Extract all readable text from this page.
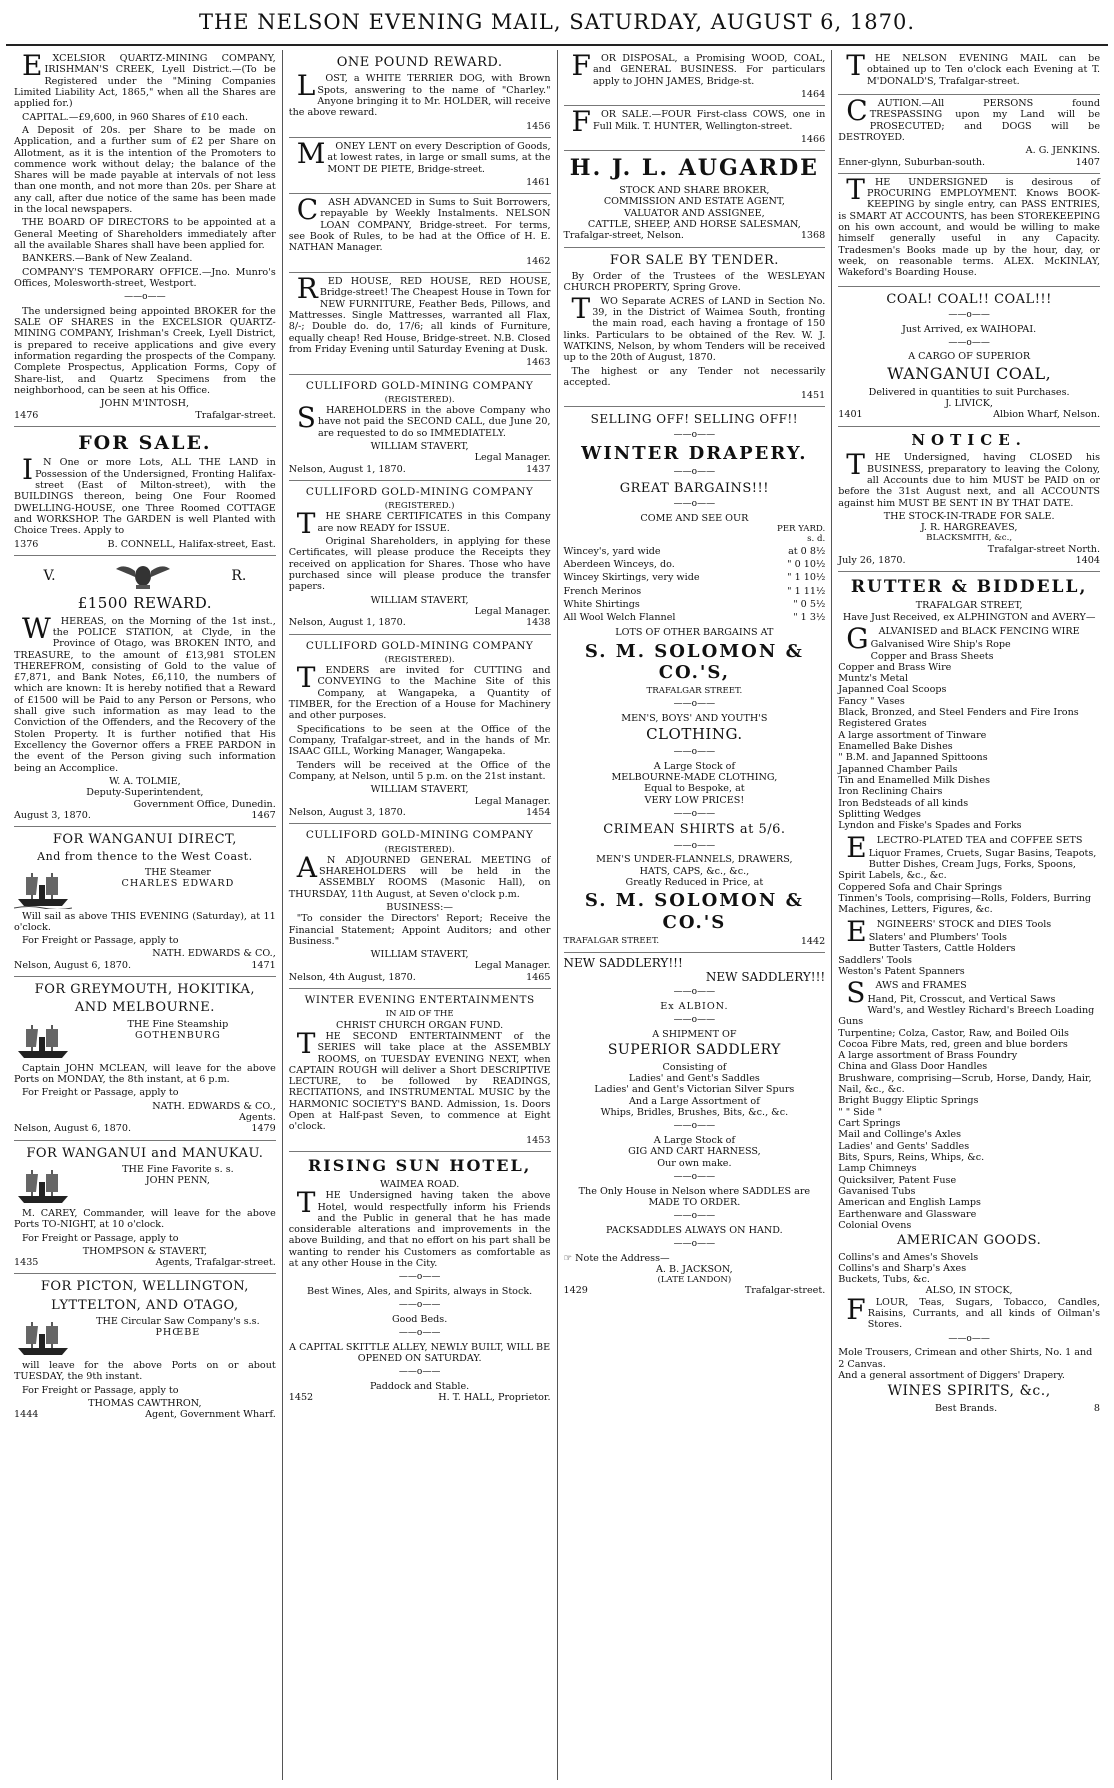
THE NELSON EVENING MAIL, SATURDAY, AUGUST 6, 1870.

EXCELSIOR QUARTZ-MINING COMPANY, IRISHMAN'S CREEK, Lyell District.—(To be Registered under the "Mining Companies Limited Liability Act, 1865," when all the Shares are applied for.)

CAPITAL.—£9,600, in 960 Shares of £10 each.

A Deposit of 20s. per Share to be made on Application, and a further sum of £2 per Share on Allotment, as it is the intention of the Promoters to commence work without delay; the balance of the Shares will be made payable at intervals of not less than one month, and not more than 20s. per Share at any call, after due notice of the same has been made in the local newspapers.

THE BOARD OF DIRECTORS to be appointed at a General Meeting of Shareholders immediately after all the available Shares shall have been applied for.

BANKERS.—Bank of New Zealand.

COMPANY'S TEMPORARY OFFICE.—Jno. Munro's Offices, Molesworth-street, Westport.

——o——

The undersigned being appointed BROKER for the SALE OF SHARES in the EXCELSIOR QUARTZ-MINING COMPANY, Irishman's Creek, Lyell District, is prepared to receive applications and give every information regarding the prospects of the Company. Complete Prospectus, Application Forms, Copy of Share-list, and Quartz Specimens from the neighborhood, can be seen at his Office.

JOHN M'INTOSH,
1476	Trafalgar-street.
FOR SALE.

IN One or more Lots, ALL THE LAND in Possession of the Undersigned, Fronting Halifax-street (East of Milton-street), with the BUILDINGS thereon, being One Four Roomed DWELLING-HOUSE, one Three Roomed COTTAGE and WORKSHOP. The GARDEN is well Planted with Choice Trees. Apply to

1376	B. CONNELL, Halifax-street, East.
V.	R.
£1500 REWARD.

WHEREAS, on the Morning of the 1st inst., the POLICE STATION, at Clyde, in the Province of Otago, was BROKEN INTO, and TREASURE, to the amount of £13,981 STOLEN THEREFROM, consisting of Gold to the value of £7,871, and Bank Notes, £6,110, the numbers of which are known: It is hereby notified that a Reward of £1500 will be Paid to any Person or Persons, who shall give such information as may lead to the Conviction of the Offenders, and the Recovery of the Stolen Property. It is further notified that His Excellency the Governor offers a FREE PARDON in the event of the Person giving such information being an Accomplice.

W. A. TOLMIE,
Deputy-Superintendent,
Government Office, Dunedin.
August 3, 1870.	1467
FOR WANGANUI DIRECT,
And from thence to the West Coast.
THE Steamer
CHARLES EDWARD

Will sail as above THIS EVENING (Saturday), at 11 o'clock.

For Freight or Passage, apply to

NATH. EDWARDS & CO.,
Nelson, August 6, 1870.	1471
FOR GREYMOUTH, HOKITIKA,
AND MELBOURNE.
THE Fine Steamship
GOTHENBURG

Captain JOHN MCLEAN, will leave for the above Ports on MONDAY, the 8th instant, at 6 p.m.

For Freight or Passage, apply to

NATH. EDWARDS & CO.,
Agents.
Nelson, August 6, 1870.	1479
FOR WANGANUI and MANUKAU.
THE Fine Favorite s. s.
JOHN PENN,

M. CAREY, Commander, will leave for the above Ports TO-NIGHT, at 10 o'clock.

For Freight or Passage, apply to

THOMPSON & STAVERT,
1435	Agents, Trafalgar-street.
FOR PICTON, WELLINGTON,
LYTTELTON, AND OTAGO,
THE Circular Saw Company's s.s.
PHŒBE

will leave for the above Ports on or about TUESDAY, the 9th instant.

For Freight or Passage, apply to

THOMAS CAWTHRON,
1444	Agent, Government Wharf.
ONE POUND REWARD.

LOST, a WHITE TERRIER DOG, with Brown Spots, answering to the name of "Charley." Anyone bringing it to Mr. HOLDER, will receive the above reward.

1456

MONEY LENT on every Description of Goods, at lowest rates, in large or small sums, at the MONT DE PIETE, Bridge-street.

1461

CASH ADVANCED in Sums to Suit Borrowers, repayable by Weekly Instalments. NELSON LOAN COMPANY, Bridge-street. For terms, see Book of Rules, to be had at the Office of H. E. NATHAN Manager.

1462

RED HOUSE, RED HOUSE, RED HOUSE, Bridge-street! The Cheapest House in Town for NEW FURNITURE, Feather Beds, Pillows, and Mattresses. Single Mattresses, warranted all Flax, 8/-; Double do. do, 17/6; all kinds of Furniture, equally cheap! Red House, Bridge-street. N.B. Closed from Friday Evening until Saturday Evening at Dusk.

1463
CULLIFORD GOLD-MINING COMPANY
(REGISTERED).

SHAREHOLDERS in the above Company who have not paid the SECOND CALL, due June 20, are requested to do so IMMEDIATELY.

WILLIAM STAVERT,
Legal Manager.
Nelson, August 1, 1870.	1437
CULLIFORD GOLD-MINING COMPANY
(REGISTERED.)

THE SHARE CERTIFICATES in this Company are now READY for ISSUE.

Original Shareholders, in applying for these Certificates, will please produce the Receipts they received on application for Shares. Those who have purchased since will please produce the transfer papers.

WILLIAM STAVERT,
Legal Manager.
Nelson, August 1, 1870.	1438
CULLIFORD GOLD-MINING COMPANY
(REGISTERED).

TENDERS are invited for CUTTING and CONVEYING to the Machine Site of this Company, at Wangapeka, a Quantity of TIMBER, for the Erection of a House for Machinery and other purposes.

Specifications to be seen at the Office of the Company, Trafalgar-street, and in the hands of Mr. ISAAC GILL, Working Manager, Wangapeka.

Tenders will be received at the Office of the Company, at Nelson, until 5 p.m. on the 21st instant.

WILLIAM STAVERT,
Legal Manager.
Nelson, August 3, 1870.	1454
CULLIFORD GOLD-MINING COMPANY
(REGISTERED).

AN ADJOURNED GENERAL MEETING of SHAREHOLDERS will be held in the ASSEMBLY ROOMS (Masonic Hall), on THURSDAY, 11th August, at Seven o'clock p.m.

BUSINESS:—

"To consider the Directors' Report; Receive the Financial Statement; Appoint Auditors; and other Business."

WILLIAM STAVERT,
Legal Manager.
Nelson, 4th August, 1870.	1465
WINTER EVENING ENTERTAINMENTS
IN AID OF THE
CHRIST CHURCH ORGAN FUND.

THE SECOND ENTERTAINMENT of the SERIES will take place at the ASSEMBLY ROOMS, on TUESDAY EVENING NEXT, when CAPTAIN ROUGH will deliver a Short DESCRIPTIVE LECTURE, to be followed by READINGS, RECITATIONS, and INSTRUMENTAL MUSIC by the HARMONIC SOCIETY'S BAND. Admission, 1s. Doors Open at Half-past Seven, to commence at Eight o'clock.

1453
RISING SUN HOTEL,
WAIMEA ROAD.

THE Undersigned having taken the above Hotel, would respectfully inform his Friends and the Public in general that he has made considerable alterations and improvements in the above Building, and that no effort on his part shall be wanting to render his Customers as comfortable as at any other House in the City.

——o——
Best Wines, Ales, and Spirits, always in Stock.
——o——
Good Beds.
——o——
A CAPITAL SKITTLE ALLEY, NEWLY BUILT, WILL BE OPENED ON SATURDAY.
——o——
Paddock and Stable.
1452	H. T. HALL, Proprietor.

FOR DISPOSAL, a Promising WOOD, COAL, and GENERAL BUSINESS. For particulars apply to JOHN JAMES, Bridge-st.

1464

FOR SALE.—FOUR First-class COWS, one in Full Milk. T. HUNTER, Wellington-street.

1466
H. J. L. AUGARDE
STOCK AND SHARE BROKER,
COMMISSION AND ESTATE AGENT,
VALUATOR AND ASSIGNEE,
CATTLE, SHEEP, AND HORSE SALESMAN,
Trafalgar-street, Nelson.	1368
FOR SALE BY TENDER.

By Order of the Trustees of the WESLEYAN CHURCH PROPERTY, Spring Grove.

TWO Separate ACRES of LAND in Section No. 39, in the District of Waimea South, fronting the main road, each having a frontage of 150 links. Particulars to be obtained of the Rev. W. J. WATKINS, Nelson, by whom Tenders will be received up to the 20th of August, 1870.

The highest or any Tender not necessarily accepted.

1451
SELLING OFF! SELLING OFF!!
——o——
WINTER DRAPERY.
——o——
GREAT BARGAINS!!!
——o——
COME AND SEE OUR
PER YARD.
s. d.
Wincey's, yard wide	at 0 8½
Aberdeen Winceys, do.	" 0 10½
Wincey Skirtings, very wide	" 1 10½
French Merinos	" 1 11½
White Shirtings	" 0 5½
All Wool Welch Flannel	" 1 3½
LOTS OF OTHER BARGAINS AT
S. M. SOLOMON & CO.'S,
TRAFALGAR STREET.
——o——
MEN'S, BOYS' AND YOUTH'S
CLOTHING.
——o——
A Large Stock of
MELBOURNE-MADE CLOTHING,
Equal to Bespoke, at
VERY LOW PRICES!
——o——
CRIMEAN SHIRTS at 5/6.
——o——
MEN'S UNDER-FLANNELS, DRAWERS,
HATS, CAPS, &c., &c.,
Greatly Reduced in Price, at
S. M. SOLOMON & CO.'S
TRAFALGAR STREET.	1442
NEW SADDLERY!!!
NEW SADDLERY!!!
——o——
Ex ALBION.
——o——
A SHIPMENT OF
SUPERIOR SADDLERY
Consisting of
Ladies' and Gent's Saddles
Ladies' and Gent's Victorian Silver Spurs
And a Large Assortment of
Whips, Bridles, Brushes, Bits, &c., &c.
——o——
A Large Stock of
GIG AND CART HARNESS,
Our own make.
——o——
The Only House in Nelson where SADDLES are MADE TO ORDER.
——o——
PACKSADDLES ALWAYS ON HAND.
——o——
☞ Note the Address—
A. B. JACKSON,
(LATE LANDON)
1429	Trafalgar-street.

THE NELSON EVENING MAIL can be obtained up to Ten o'clock each Evening at T. M'DONALD'S, Trafalgar-street.

CAUTION.—All PERSONS found TRESPASSING upon my Land will be PROSECUTED; and DOGS will be DESTROYED.

A. G. JENKINS.
Enner-glynn, Suburban-south.	1407

THE UNDERSIGNED is desirous of PROCURING EMPLOYMENT. Knows BOOK-KEEPING by single entry, can PASS ENTRIES, is SMART AT ACCOUNTS, has been STOREKEEPING on his own account, and would be willing to make himself generally useful in any Capacity. Tradesmen's Books made up by the hour, day, or week, on reasonable terms. ALEX. McKINLAY, Wakeford's Boarding House.

COAL! COAL!! COAL!!!
——o——
Just Arrived, ex WAIHOPAI.
——o——
A CARGO OF SUPERIOR
WANGANUI COAL,
Delivered in quantities to suit Purchases.
J. LIVICK,
1401	Albion Wharf, Nelson.
NOTICE.

THE Undersigned, having CLOSED his BUSINESS, preparatory to leaving the Colony, all Accounts due to him MUST be PAID on or before the 31st August next, and all ACCOUNTS against him MUST BE SENT IN BY THAT DATE.

THE STOCK-IN-TRADE FOR SALE.
J. R. HARGREAVES,
BLACKSMITH, &c.,
Trafalgar-street North.
July 26, 1870.	1404
RUTTER & BIDDELL,
TRAFALGAR STREET,
Have Just Received, ex ALPHINGTON and AVERY—

GALVANISED and BLACK FENCING WIRE

Galvanised Wire Ship's Rope
Copper and Brass Sheets
Copper and Brass Wire
Muntz's Metal
Japanned Coal Scoops
Fancy " Vases
Black, Bronzed, and Steel Fenders and Fire Irons
Registered Grates
A large assortment of Tinware
Enamelled Bake Dishes
" B.M. and Japanned Spittoons
Japanned Chamber Pails
Tin and Enamelled Milk Dishes
Iron Reclining Chairs
Iron Bedsteads of all kinds
Splitting Wedges
Lyndon and Fiske's Spades and Forks

ELECTRO-PLATED TEA and COFFEE SETS

Liquor Frames, Cruets, Sugar Basins, Teapots, Butter Dishes, Cream Jugs, Forks, Spoons, Spirit Labels, &c., &c.
Coppered Sofa and Chair Springs
Tinmen's Tools, comprising—Rolls, Folders, Burring Machines, Letters, Figures, &c.

ENGINEERS' STOCK and DIES Tools

Slaters' and Plumbers' Tools
Butter Tasters, Cattle Holders
Saddlers' Tools
Weston's Patent Spanners

SAWS and FRAMES

Hand, Pit, Crosscut, and Vertical Saws
Ward's, and Westley Richard's Breech Loading Guns
Turpentine; Colza, Castor, Raw, and Boiled Oils
Cocoa Fibre Mats, red, green and blue borders
A large assortment of Brass Foundry
China and Glass Door Handles
Brushware, comprising—Scrub, Horse, Dandy, Hair, Nail, &c., &c.
Bright Buggy Eliptic Springs
" " Side "
Cart Springs
Mail and Collinge's Axles
Ladies' and Gents' Saddles
Bits, Spurs, Reins, Whips, &c.
Lamp Chimneys
Quicksilver, Patent Fuse
Gavanised Tubs
American and English Lamps
Earthenware and Glassware
Colonial Ovens
AMERICAN GOODS.
Collins's and Ames's Shovels
Collins's and Sharp's Axes
Buckets, Tubs, &c.
ALSO, IN STOCK,

FLOUR, Teas, Sugars, Tobacco, Candles, Raisins, Currants, and all kinds of Oilman's Stores.

——o——
Mole Trousers, Crimean and other Shirts, No. 1 and 2 Canvas.
And a general assortment of Diggers' Drapery.
WINES SPIRITS, &c.,
Best Brands.	8
